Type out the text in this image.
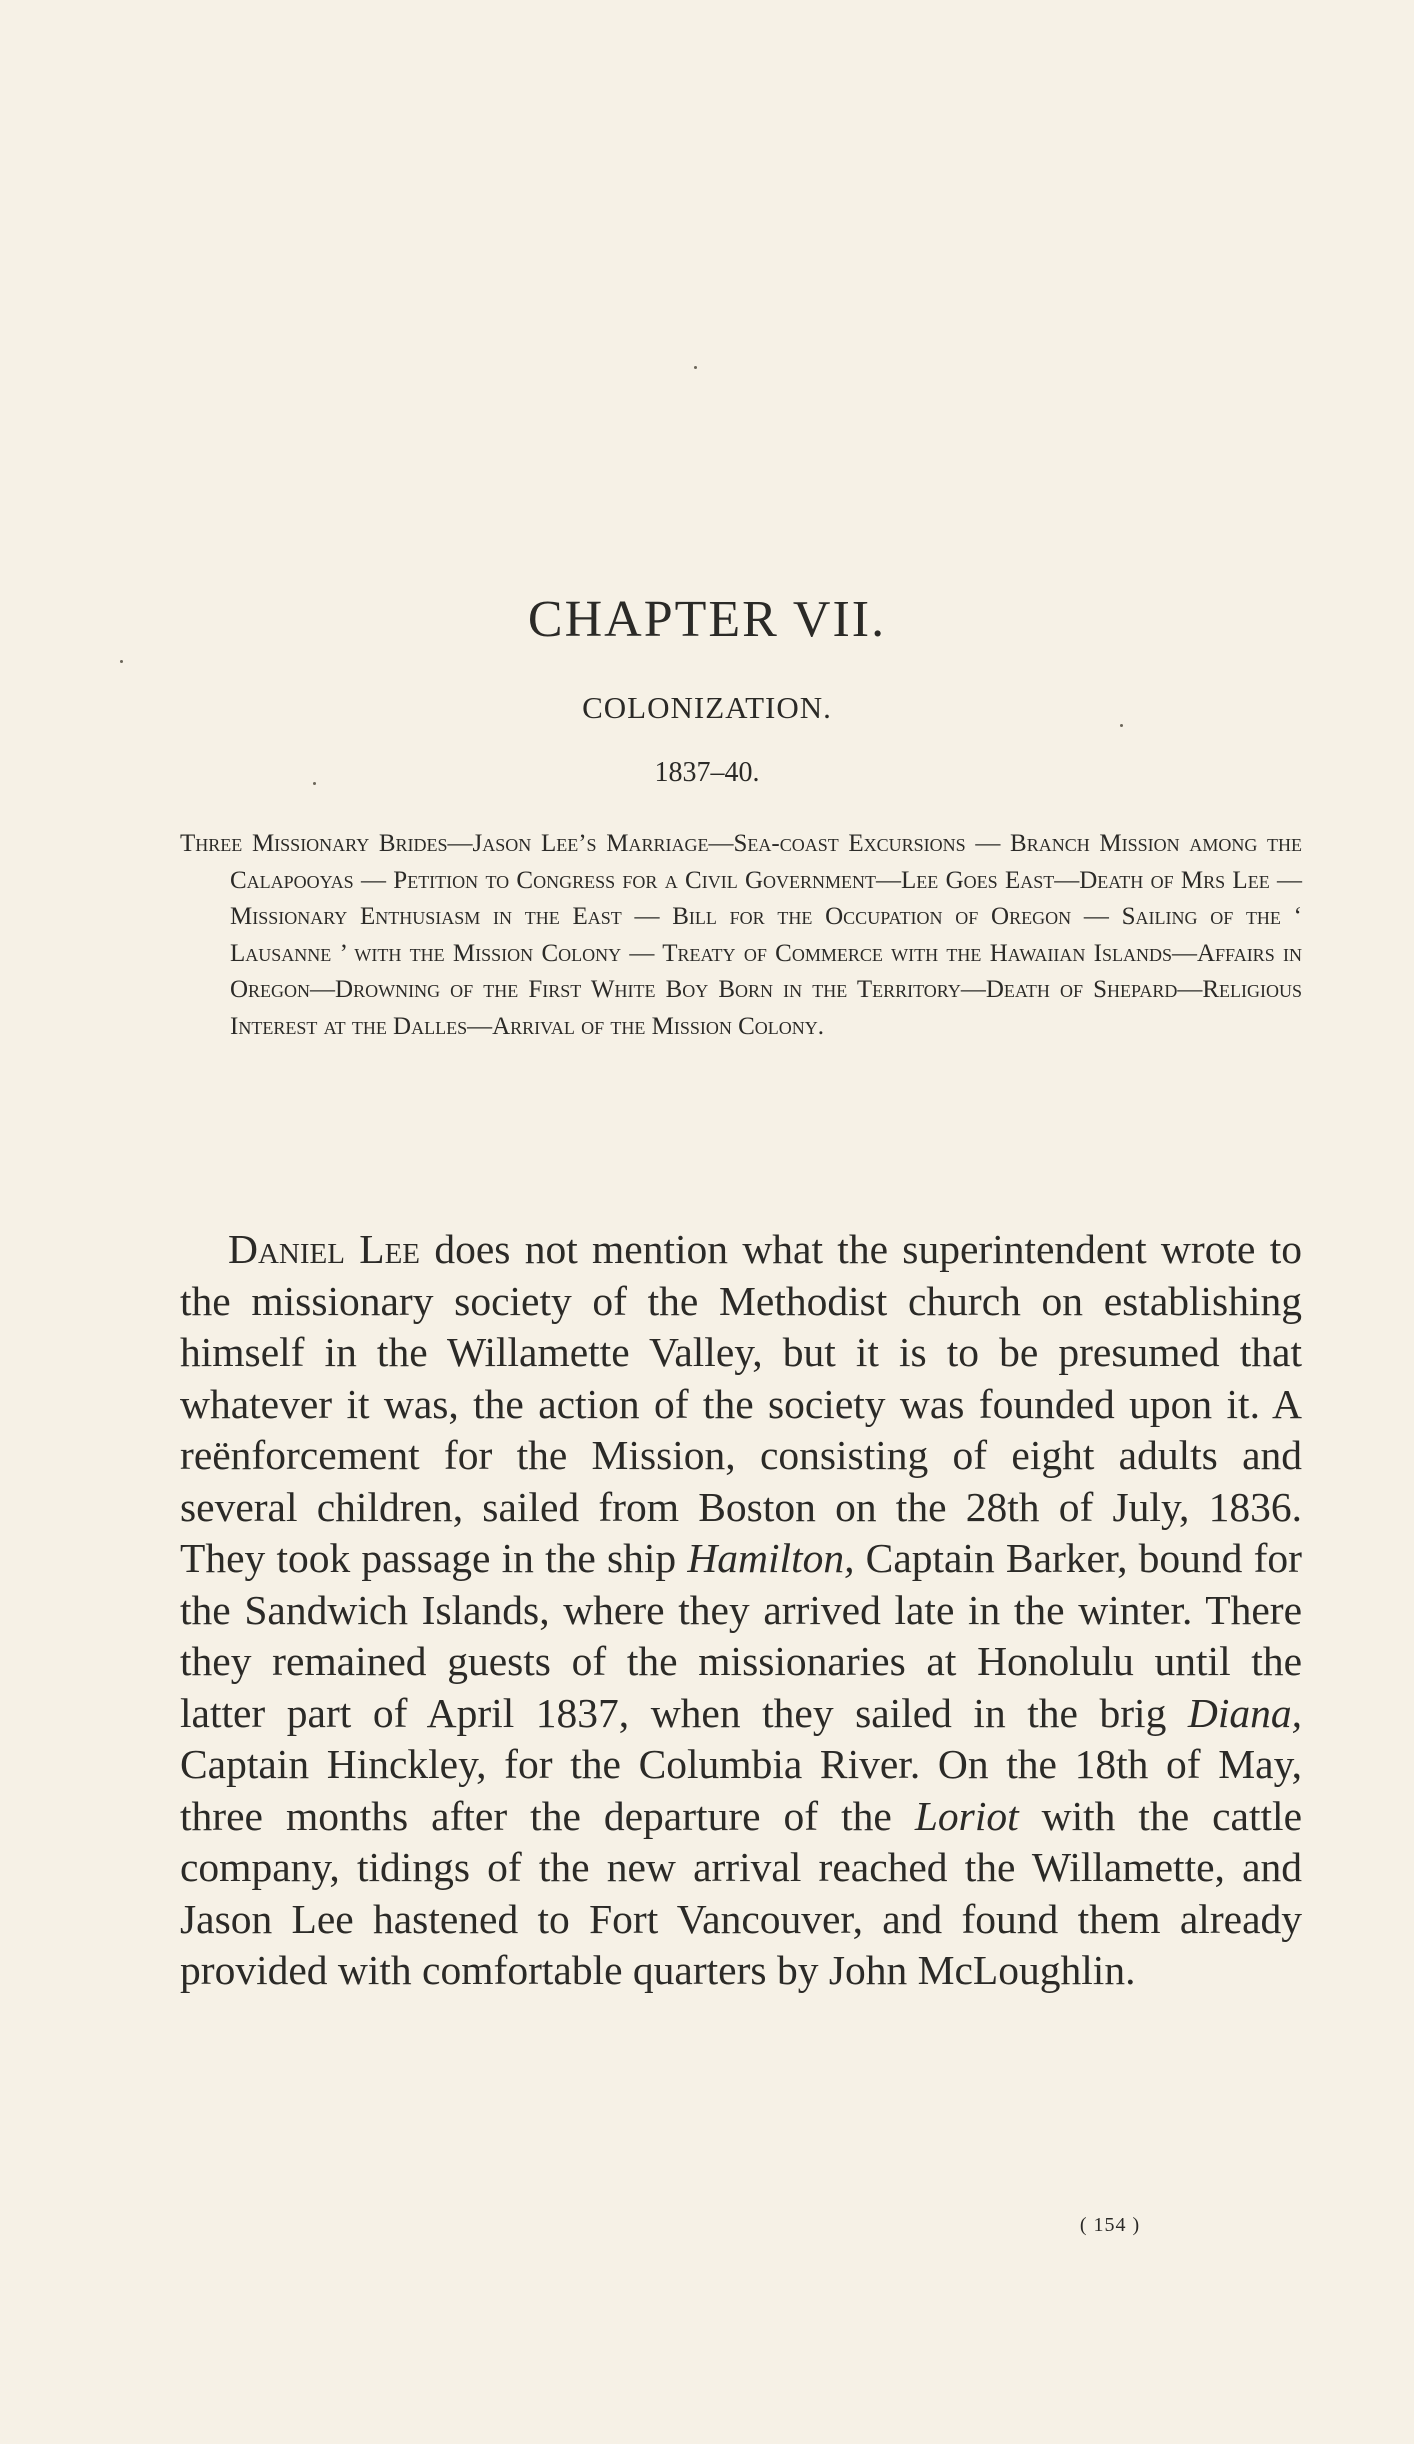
CHAPTER VII.
COLONIZATION.
1837–40.

Three Missionary Brides—Jason Lee’s Marriage—Sea-coast Excursions — Branch Mission among the Calapooyas — Petition to Congress for a Civil Government—Lee Goes East—Death of Mrs Lee — Missionary Enthusiasm in the East — Bill for the Occupation of Oregon — Sailing of the ‘ Lausanne ’ with the Mission Colony — Treaty of Commerce with the Hawaiian Islands—Affairs in Oregon—Drowning of the First White Boy Born in the Territory—Death of Shepard—Religious Interest at the Dalles—Arrival of the Mission Colony.

Daniel Lee does not mention what the superintendent wrote to the missionary society of the Methodist church on establishing himself in the Willamette Valley, but it is to be presumed that whatever it was, the action of the society was founded upon it. A reënforcement for the Mission, consisting of eight adults and several children, sailed from Boston on the 28th of July, 1836. They took passage in the ship Hamilton, Captain Barker, bound for the Sandwich Islands, where they arrived late in the winter. There they remained guests of the missionaries at Honolulu until the latter part of April 1837, when they sailed in the brig Diana, Captain Hinckley, for the Columbia River. On the 18th of May, three months after the departure of the Loriot with the cattle company, tidings of the new arrival reached the Willamette, and Jason Lee hastened to Fort Vancouver, and found them already provided with comfortable quarters by John McLoughlin.

( 154 )
